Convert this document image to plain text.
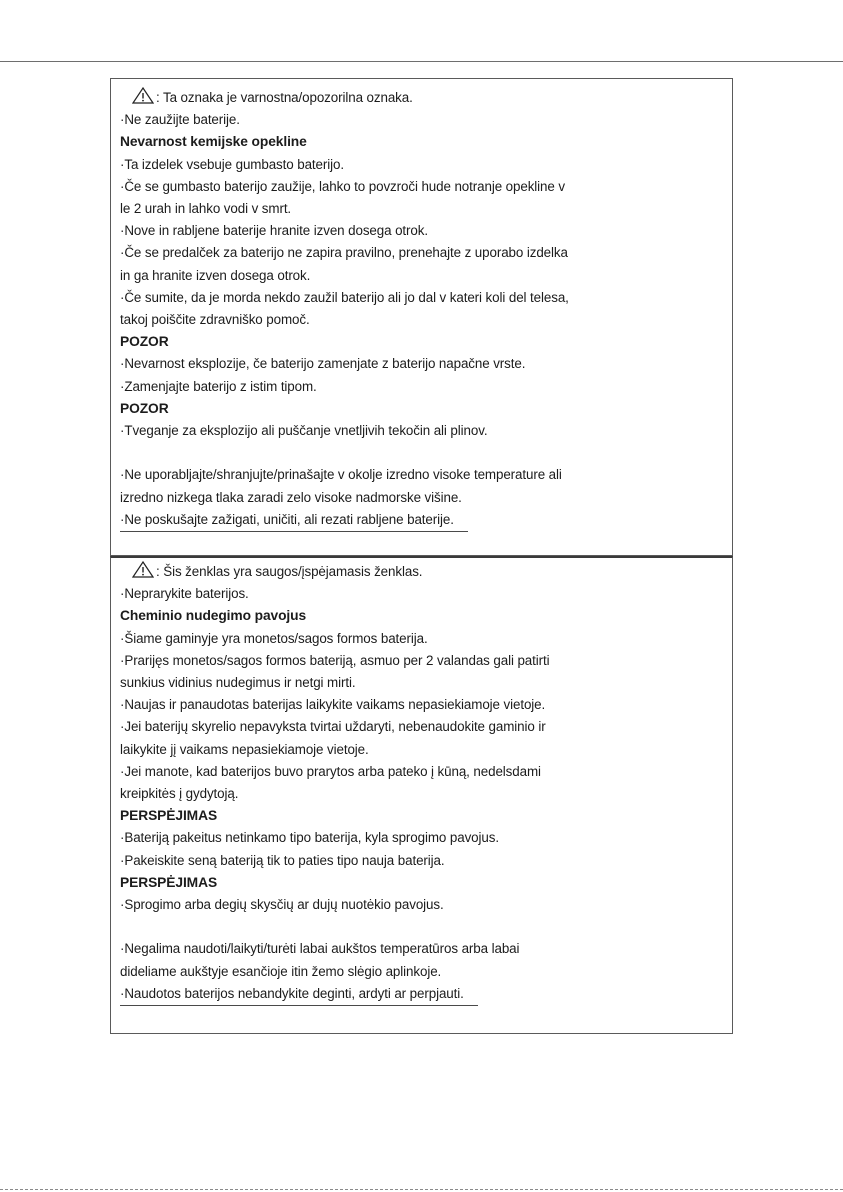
: Ta oznaka je varnostna/opozorilna oznaka.
·Ne zaužijte baterije.
Nevarnost kemijske opekline
·Ta izdelek vsebuje gumbasto baterijo.
·Če se gumbasto baterijo zaužije, lahko to povzroči hude notranje opekline v
le 2 urah in lahko vodi v smrt.
·Nove in rabljene baterije hranite izven dosega otrok.
·Če se predalček za baterijo ne zapira pravilno, prenehajte z uporabo izdelka
in ga hranite izven dosega otrok.
·Če sumite, da je morda nekdo zaužil baterijo ali jo dal v kateri koli del telesa,
takoj poiščite zdravniško pomoč.
POZOR
·Nevarnost eksplozije, če baterijo zamenjate z baterijo napačne vrste.
·Zamenjajte baterijo z istim tipom.
POZOR
·Tveganje za eksplozijo ali puščanje vnetljivih tekočin ali plinov.
·Ne uporabljajte/shranjujte/prinašajte v okolje izredno visoke temperature ali
izredno nizkega tlaka zaradi zelo visoke nadmorske višine.
·Ne poskušajte zažigati, uničiti, ali rezati rabljene baterije.
: Šis ženklas yra saugos/įspėjamasis ženklas.
·Neprarykite baterijos.
Cheminio nudegimo pavojus
·Šiame gaminyje yra monetos/sagos formos baterija.
·Prarijęs monetos/sagos formos bateriją, asmuo per 2 valandas gali patirti
sunkius vidinius nudegimus ir netgi mirti.
·Naujas ir panaudotas baterijas laikykite vaikams nepasiekiamoje vietoje.
·Jei baterijų skyrelio nepavyksta tvirtai uždaryti, nebenaudokite gaminio ir
laikykite jį vaikams nepasiekiamoje vietoje.
·Jei manote, kad baterijos buvo prarytos arba pateko į kūną, nedelsdami
kreipkitės į gydytoją.
PERSPĖJIMAS
·Bateriją pakeitus netinkamo tipo baterija, kyla sprogimo pavojus.
·Pakeiskite seną bateriją tik to paties tipo nauja baterija.
PERSPĖJIMAS
·Sprogimo arba degių skysčių ar dujų nuotėkio pavojus.
·Negalima naudoti/laikyti/turėti labai aukštos temperatūros arba labai
dideliame aukštyje esančioje itin žemo slėgio aplinkoje.
·Naudotos baterijos nebandykite deginti, ardyti ar perpjauti.
